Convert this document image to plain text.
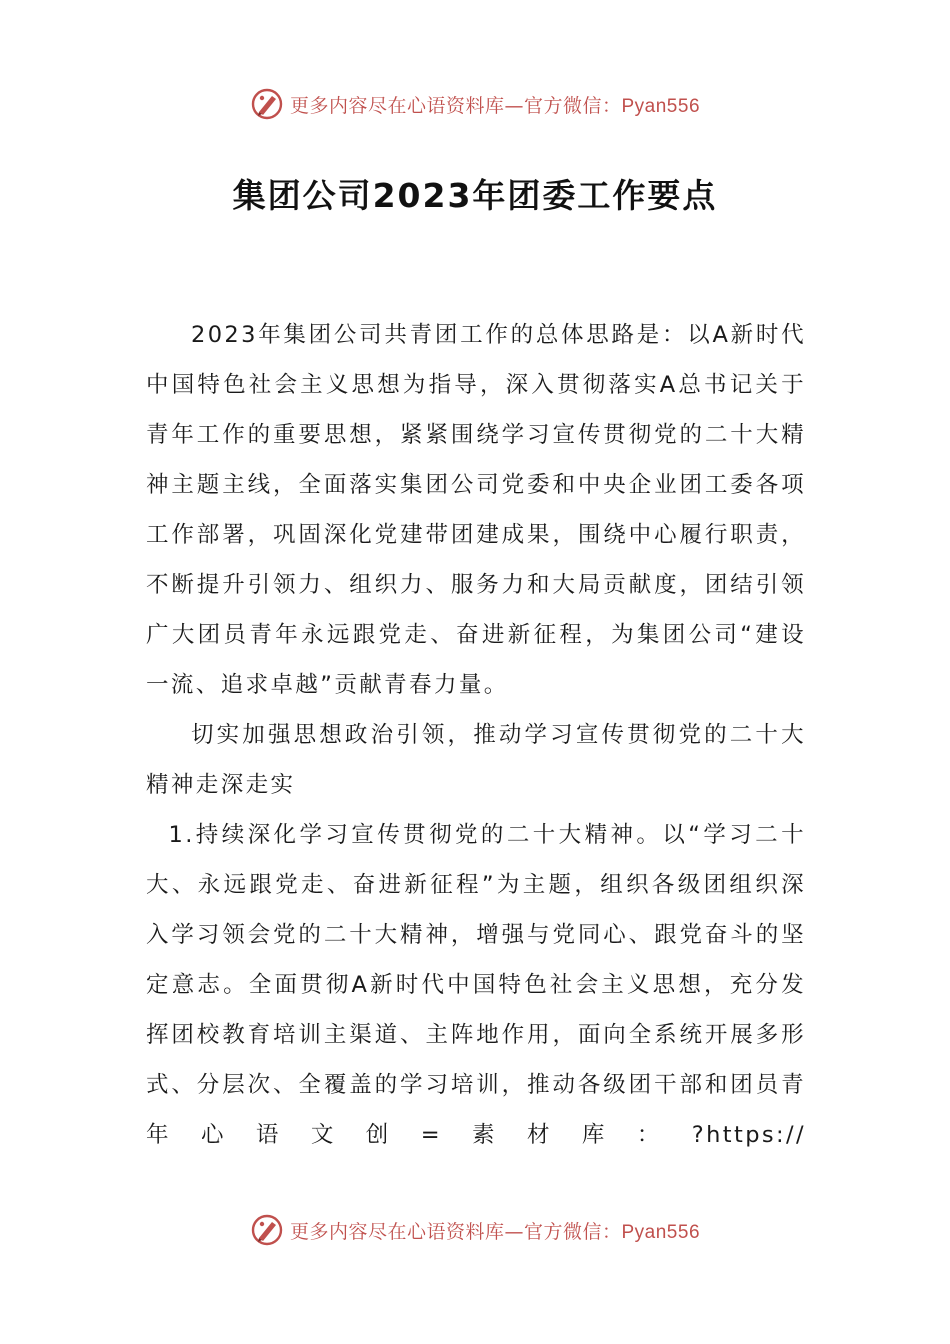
更多内容尽在心语资料库—官方微信：Pyan556
集团公司2023年团委工作要点

2023年集团公司共青团工作的总体思路是：以A新时代中国特色社会主义思想为指导，深入贯彻落实A总书记关于青年工作的重要思想，紧紧围绕学习宣传贯彻党的二十大精神主题主线，全面落实集团公司党委和中央企业团工委各项工作部署，巩固深化党建带团建成果，围绕中心履行职责，不断提升引领力、组织力、服务力和大局贡献度，团结引领广大团员青年永远跟党走、奋进新征程，为集团公司“建设一流、追求卓越”贡献青春力量。

切实加强思想政治引领，推动学习宣传贯彻党的二十大精神走深走实

1.持续深化学习宣传贯彻党的二十大精神。以“学习二十大、永远跟党走、奋进新征程”为主题，组织各级团组织深入学习领会党的二十大精神，增强与党同心、跟党奋斗的坚定意志。全面贯彻A新时代中国特色社会主义思想，充分发挥团校教育培训主渠道、主阵地作用，面向全系统开展多形式、分层次、全覆盖的学习培训，推动各级团干部和团员青年心语文创=素材库：?https://

更多内容尽在心语资料库—官方微信：Pyan556
